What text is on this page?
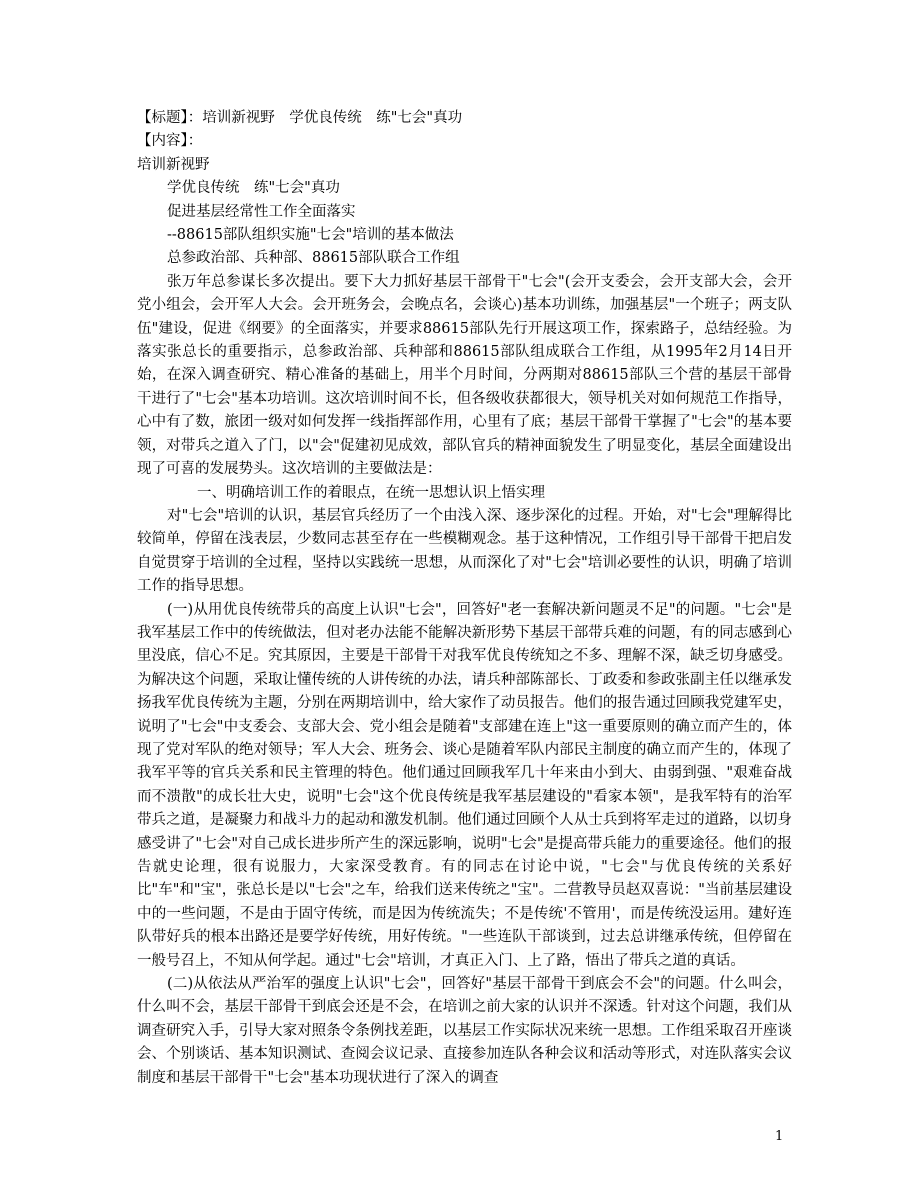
【标题】：培训新视野　学优良传统　练"七会"真功

【内容】：

培训新视野

学优良传统　练"七会"真功

促进基层经常性工作全面落实

--88615部队组织实施"七会"培训的基本做法

总参政治部、兵种部、88615部队联合工作组

张万年总参谋长多次提出。要下大力抓好基层干部骨干"七会"(会开支委会，会开支部大会，会开党小组会，会开军人大会。会开班务会，会晚点名，会谈心)基本功训练，加强基层"一个班子；两支队伍"建设，促进《纲要》的全面落实，并要求88615部队先行开展这项工作，探索路子，总结经验。为落实张总长的重要指示，总参政治部、兵种部和88615部队组成联合工作组，从1995年2月14日开始，在深入调查研究、精心准备的基础上，用半个月时间，分两期对88615部队三个营的基层干部骨干进行了"七会"基本功培训。这次培训时间不长，但各级收获都很大，领导机关对如何规范工作指导，心中有了数，旅团一级对如何发挥一线指挥部作用，心里有了底；基层干部骨干掌握了"七会"的基本要领，对带兵之道入了门，以"会"促建初见成效，部队官兵的精神面貌发生了明显变化，基层全面建设出现了可喜的发展势头。这次培训的主要做法是：

一、明确培训工作的着眼点，在统一思想认识上悟实理

对"七会"培训的认识，基层官兵经历了一个由浅入深、逐步深化的过程。开始，对"七会"理解得比较简单，停留在浅表层，少数同志甚至存在一些模糊观念。基于这种情况，工作组引导干部骨干把启发自觉贯穿于培训的全过程，坚持以实践统一思想，从而深化了对"七会"培训必要性的认识，明确了培训工作的指导思想。

(一)从用优良传统带兵的高度上认识"七会"，回答好"老一套解决新问题灵不足"的问题。"七会"是我军基层工作中的传统做法，但对老办法能不能解决新形势下基层干部带兵难的问题，有的同志感到心里没底，信心不足。究其原因，主要是干部骨干对我军优良传统知之不多、理解不深，缺乏切身感受。为解决这个问题，采取让懂传统的人讲传统的办法，请兵种部陈部长、丁政委和参政张副主任以继承发扬我军优良传统为主题，分别在两期培训中，给大家作了动员报告。他们的报告通过回顾我党建军史，说明了"七会"中支委会、支部大会、党小组会是随着"支部建在连上"这一重要原则的确立而产生的，体现了党对军队的绝对领导；军人大会、班务会、谈心是随着军队内部民主制度的确立而产生的，体现了我军平等的官兵关系和民主管理的特色。他们通过回顾我军几十年来由小到大、由弱到强、"艰难奋战而不溃散"的成长壮大史，说明"七会"这个优良传统是我军基层建设的"看家本领"，是我军特有的治军带兵之道，是凝聚力和战斗力的起动和激发机制。他们通过回顾个人从士兵到将军走过的道路，以切身感受讲了"七会"对自己成长进步所产生的深远影响，说明"七会"是提高带兵能力的重要途径。他们的报告就史论理，很有说服力，大家深受教育。有的同志在讨论中说，"七会"与优良传统的关系好比"车"和"宝"，张总长是以"七会"之车，给我们送来传统之"宝"。二营教导员赵双喜说："当前基层建设中的一些问题，不是由于固守传统，而是因为传统流失；不是传统'不管用'，而是传统没运用。建好连队带好兵的根本出路还是要学好传统，用好传统。"一些连队干部谈到，过去总讲继承传统，但停留在一般号召上，不知从何学起。通过"七会"培训，才真正入门、上了路，悟出了带兵之道的真话。

(二)从依法从严治军的强度上认识"七会"，回答好"基层干部骨干到底会不会"的问题。什么叫会，什么叫不会，基层干部骨干到底会还是不会，在培训之前大家的认识并不深透。针对这个问题，我们从调查研究入手，引导大家对照条令条例找差距，以基层工作实际状况来统一思想。工作组采取召开座谈会、个别谈话、基本知识测试、查阅会议记录、直接参加连队各种会议和活动等形式，对连队落实会议制度和基层干部骨干"七会"基本功现状进行了深入的调查

1
